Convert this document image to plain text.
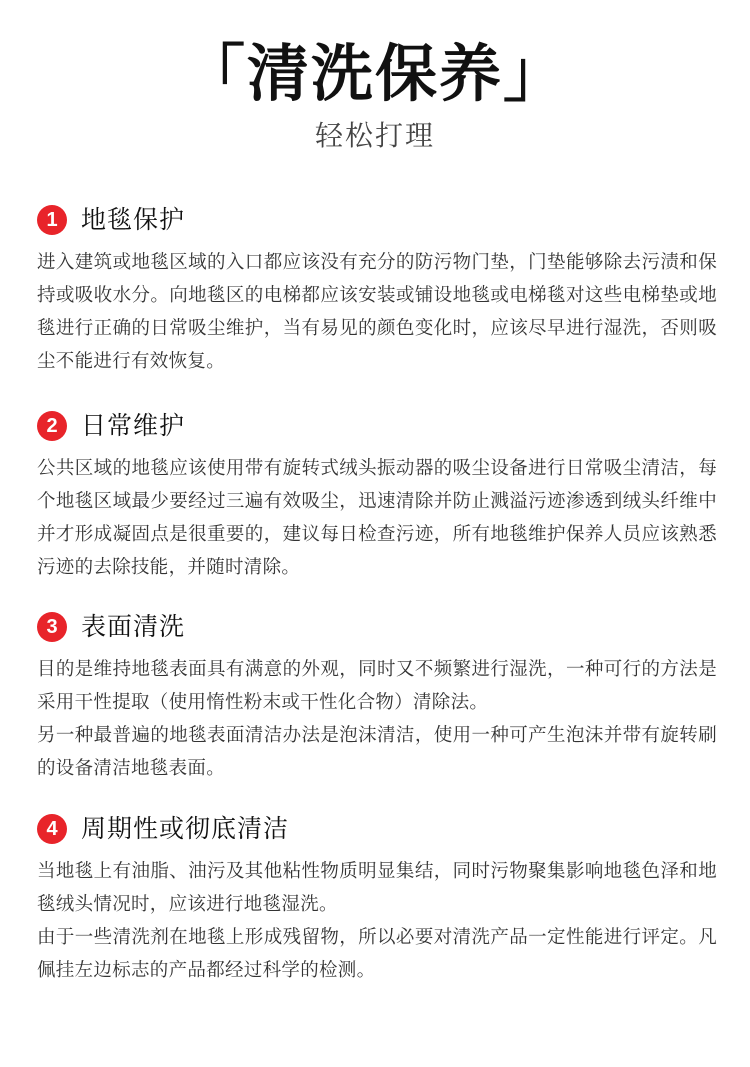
「清洗保养」
轻松打理
1 地毯保护

进入建筑或地毯区域的入口都应该没有充分的防污物门垫，门垫能够除去污渍和保持或吸收水分。向地毯区的电梯都应该安装或铺设地毯或电梯毯对这些电梯垫或地毯进行正确的日常吸尘维护，当有易见的颜色变化时，应该尽早进行湿洗，否则吸尘不能进行有效恢复。

2 日常维护

公共区域的地毯应该使用带有旋转式绒头振动器的吸尘设备进行日常吸尘清洁，每个地毯区域最少要经过三遍有效吸尘，迅速清除并防止溅溢污迹渗透到绒头纤维中并才形成凝固点是很重要的，建议每日检查污迹，所有地毯维护保养人员应该熟悉污迹的去除技能，并随时清除。

3 表面清洗

目的是维持地毯表面具有满意的外观，同时又不频繁进行湿洗，一种可行的方法是采用干性提取（使用惰性粉末或干性化合物）清除法。

另一种最普遍的地毯表面清洁办法是泡沫清洁，使用一种可产生泡沫并带有旋转刷的设备清洁地毯表面。

4 周期性或彻底清洁

当地毯上有油脂、油污及其他粘性物质明显集结，同时污物聚集影响地毯色泽和地毯绒头情况时，应该进行地毯湿洗。

由于一些清洗剂在地毯上形成残留物，所以必要对清洗产品一定性能进行评定。凡佩挂左边标志的产品都经过科学的检测。
